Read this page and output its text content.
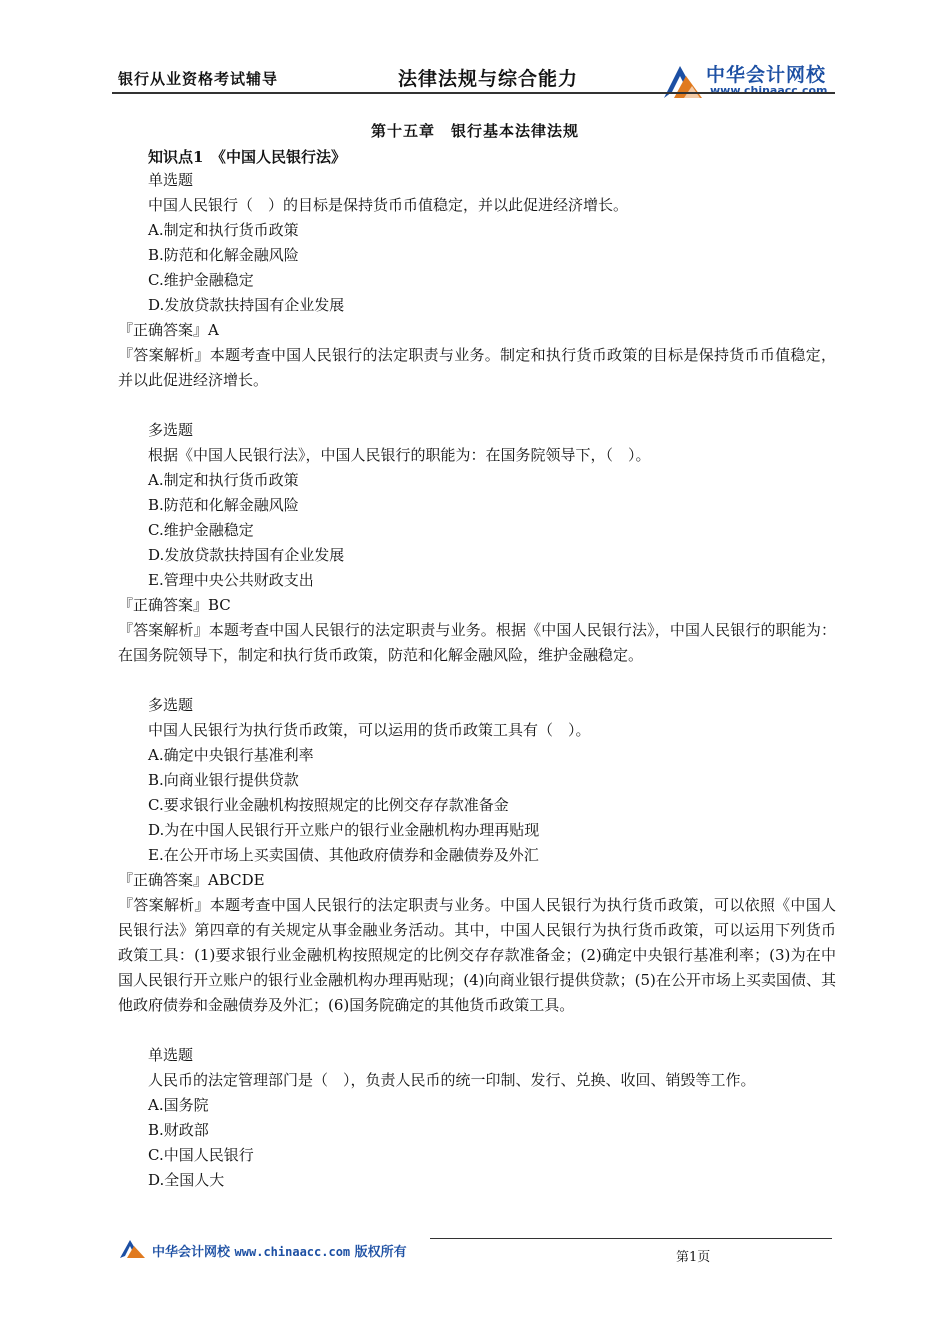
银行从业资格考试辅导	法律法规与综合能力	中华会计网校
www.chinaacc.com
第十五章　银行基本法律法规
知识点1　《中国人民银行法》
单选题
中国人民银行（　）的目标是保持货币币值稳定，并以此促进经济增长。
A.制定和执行货币政策
B.防范和化解金融风险
C.维护金融稳定
D.发放贷款扶持国有企业发展
『正确答案』A
『答案解析』本题考查中国人民银行的法定职责与业务。制定和执行货币政策的目标是保持货币币值稳定，并以此促进经济增长。
多选题
根据《中国人民银行法》，中国人民银行的职能为：在国务院领导下，（　）。
A.制定和执行货币政策
B.防范和化解金融风险
C.维护金融稳定
D.发放贷款扶持国有企业发展
E.管理中央公共财政支出
『正确答案』BC
『答案解析』本题考查中国人民银行的法定职责与业务。根据《中国人民银行法》，中国人民银行的职能为：在国务院领导下，制定和执行货币政策，防范和化解金融风险，维护金融稳定。
多选题
中国人民银行为执行货币政策，可以运用的货币政策工具有（　）。
A.确定中央银行基准利率
B.向商业银行提供贷款
C.要求银行业金融机构按照规定的比例交存存款准备金
D.为在中国人民银行开立账户的银行业金融机构办理再贴现
E.在公开市场上买卖国债、其他政府债券和金融债券及外汇
『正确答案』ABCDE
『答案解析』本题考查中国人民银行的法定职责与业务。中国人民银行为执行货币政策，可以依照《中国人民银行法》第四章的有关规定从事金融业务活动。其中，中国人民银行为执行货币政策，可以运用下列货币政策工具：(1)要求银行业金融机构按照规定的比例交存存款准备金；(2)确定中央银行基准利率；(3)为在中国人民银行开立账户的银行业金融机构办理再贴现；(4)向商业银行提供贷款；(5)在公开市场上买卖国债、其他政府债券和金融债券及外汇；(6)国务院确定的其他货币政策工具。
单选题
人民币的法定管理部门是（　），负责人民币的统一印制、发行、兑换、收回、销毁等工作。
A.国务院
B.财政部
C.中国人民银行
D.全国人大
中华会计网校 www.chinaacc.com 版权所有	第1页
